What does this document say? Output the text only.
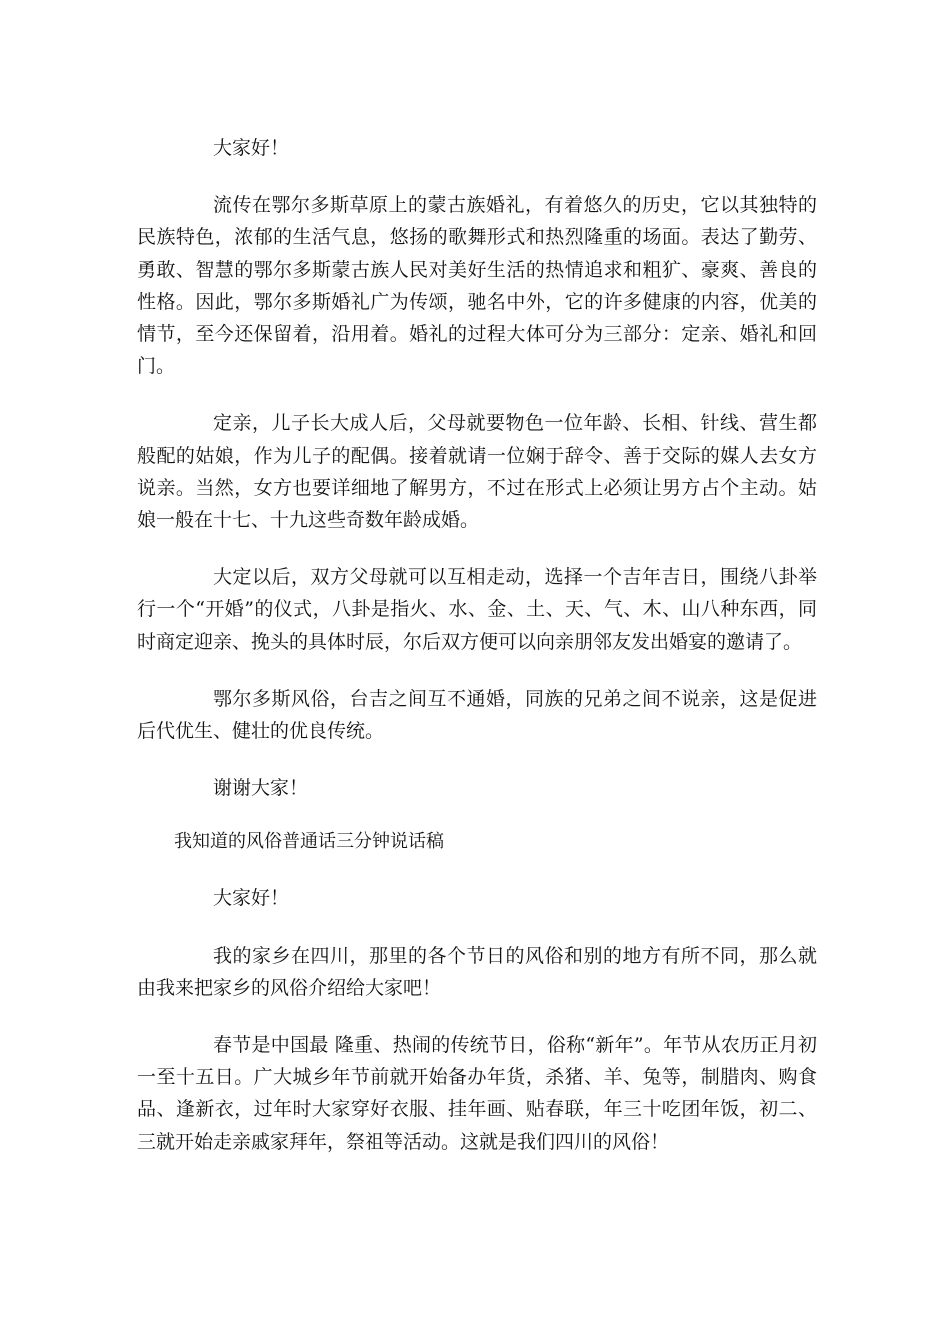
大家好！

流传在鄂尔多斯草原上的蒙古族婚礼，有着悠久的历史，它以其独特的民族特色，浓郁的生活气息，悠扬的歌舞形式和热烈隆重的场面。表达了勤劳、勇敢、智慧的鄂尔多斯蒙古族人民对美好生活的热情追求和粗犷、豪爽、善良的性格。因此，鄂尔多斯婚礼广为传颂，驰名中外，它的许多健康的内容，优美的情节，至今还保留着，沿用着。婚礼的过程大体可分为三部分：定亲、婚礼和回门。

定亲，儿子长大成人后，父母就要物色一位年龄、长相、针线、营生都般配的姑娘，作为儿子的配偶。接着就请一位娴于辞令、善于交际的媒人去女方说亲。当然，女方也要详细地了解男方，不过在形式上必须让男方占个主动。姑娘一般在十七、十九这些奇数年龄成婚。

大定以后，双方父母就可以互相走动，选择一个吉年吉日，围绕八卦举行一个“开婚”的仪式，八卦是指火、水、金、土、天、气、木、山八种东西，同时商定迎亲、挽头的具体时辰，尔后双方便可以向亲朋邻友发出婚宴的邀请了。

鄂尔多斯风俗，台吉之间互不通婚，同族的兄弟之间不说亲，这是促进后代优生、健壮的优良传统。

谢谢大家！

我知道的风俗普通话三分钟说话稿

大家好！

我的家乡在四川，那里的各个节日的风俗和别的地方有所不同，那么就由我来把家乡的风俗介绍给大家吧！

春节是中国最 隆重、热闹的传统节日，俗称“新年”。年节从农历正月初一至十五日。广大城乡年节前就开始备办年货，杀猪、羊、兔等，制腊肉、购食品、逢新衣，过年时大家穿好衣服、挂年画、贴春联，年三十吃团年饭，初二、三就开始走亲戚家拜年，祭祖等活动。这就是我们四川的风俗！
